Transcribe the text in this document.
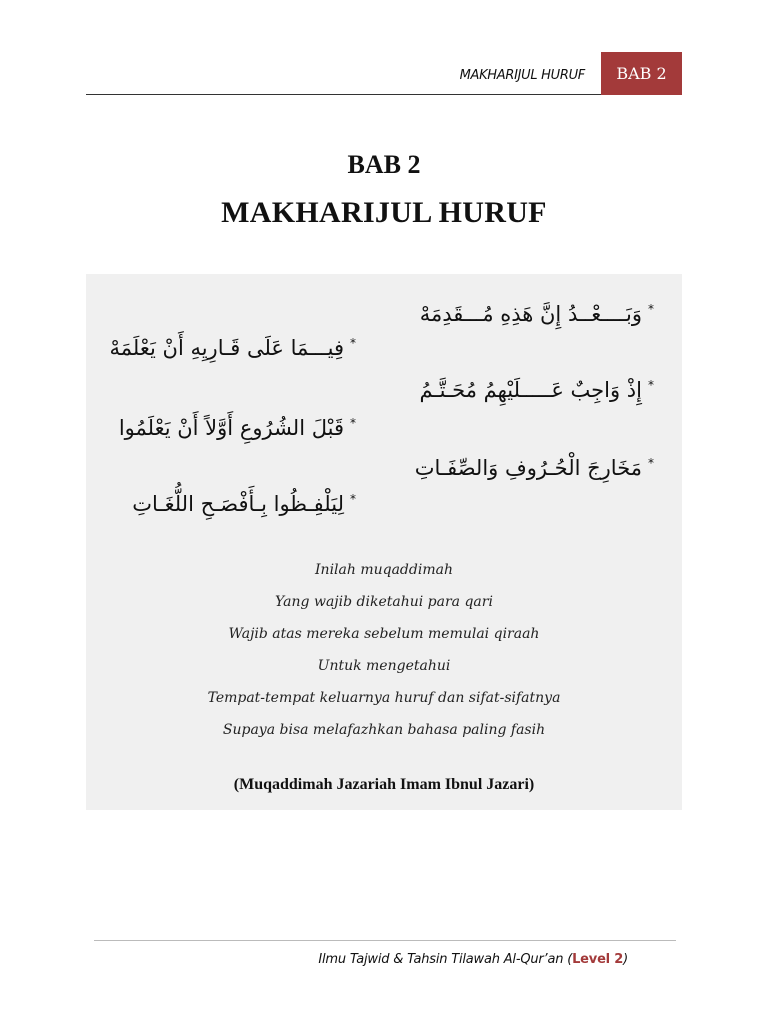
MAKHARIJUL HURUF BAB 2
BAB 2
MAKHARIJUL HURUF
*وَبَــــعْــدُ إِنَّ هَذِهِ مُـــقَدِمَهْ
*فِيـــمَا عَلَى قَـارِيِهِ أَنْ يَعْلَمَهْ
*إِذْ وَاجِبٌ عَـــــلَيْهِمُ مُحَـتَّـمُ
*قَبْلَ الشُرُوعِ أَوَّلاً أَنْ يَعْلَمُوا
*مَخَارِجَ الْحُـرُوفِ وَالصِّفَـاتِ
*لِيَلْفِـظُوا بِـأَفْصَـحِ اللُّغَـاتِ
Inilah muqaddimah
Yang wajib diketahui para qari
Wajib atas mereka sebelum memulai qiraah
Untuk mengetahui
Tempat-tempat keluarnya huruf dan sifat-sifatnya
Supaya bisa melafazhkan bahasa paling fasih
(Muqaddimah Jazariah Imam Ibnul Jazari)
Ilmu Tajwid & Tahsin Tilawah Al-Qur’an (Level 2)
